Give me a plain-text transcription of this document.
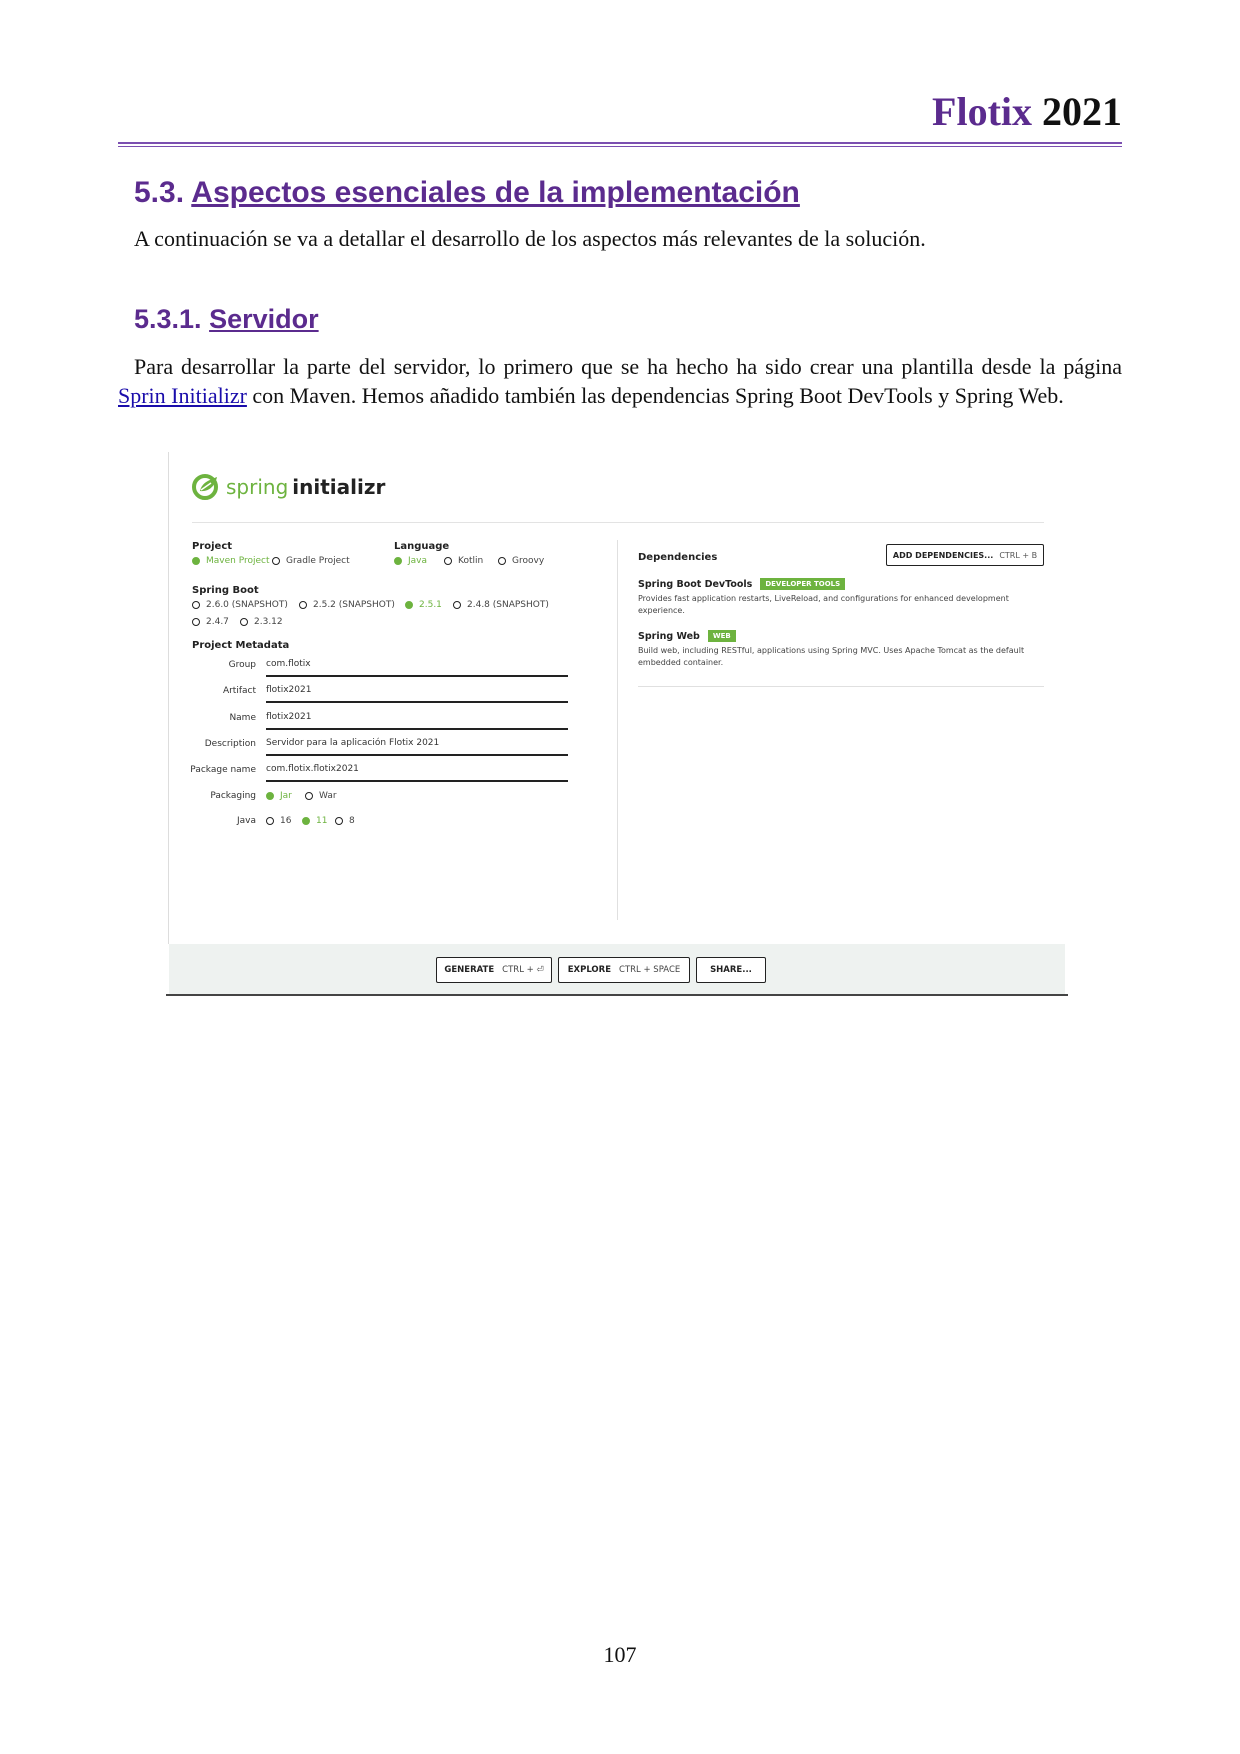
Flotix 2021
5.3. Aspectos esenciales de la implementación
A continuación se va a detallar el desarrollo de los aspectos más relevantes de la solución.
5.3.1. Servidor
Para desarrollar la parte del servidor, lo primero que se ha hecho ha sido crear una plantilla desde la página Sprin Initializr con Maven. Hemos añadido también las dependencias Spring Boot DevTools y Spring Web.
spring initializr
Project
Maven Project Gradle Project
Language
Java	Kotlin	Groovy
Spring Boot
2.6.0 (SNAPSHOT)	2.5.2 (SNAPSHOT)	2.5.1	2.4.8 (SNAPSHOT)
2.4.7	2.3.12
Project Metadata
Group com.flotix
Artifact flotix2021
Name flotix2021
Description Servidor para la aplicación Flotix 2021
Package name com.flotix.flotix2021
Packaging	Jar	War
Java	16	11 8
Dependencies	ADD DEPENDENCIES... CTRL + B
Spring Boot DevTools	DEVELOPER TOOLS
Provides fast application restarts, LiveReload, and configurations for enhanced development experience.
Spring Web	WEB
Build web, including RESTful, applications using Spring MVC. Uses Apache Tomcat as the default embedded container.
GENERATE CTRL + ⏎	EXPLORE CTRL + SPACE	SHARE...
107
